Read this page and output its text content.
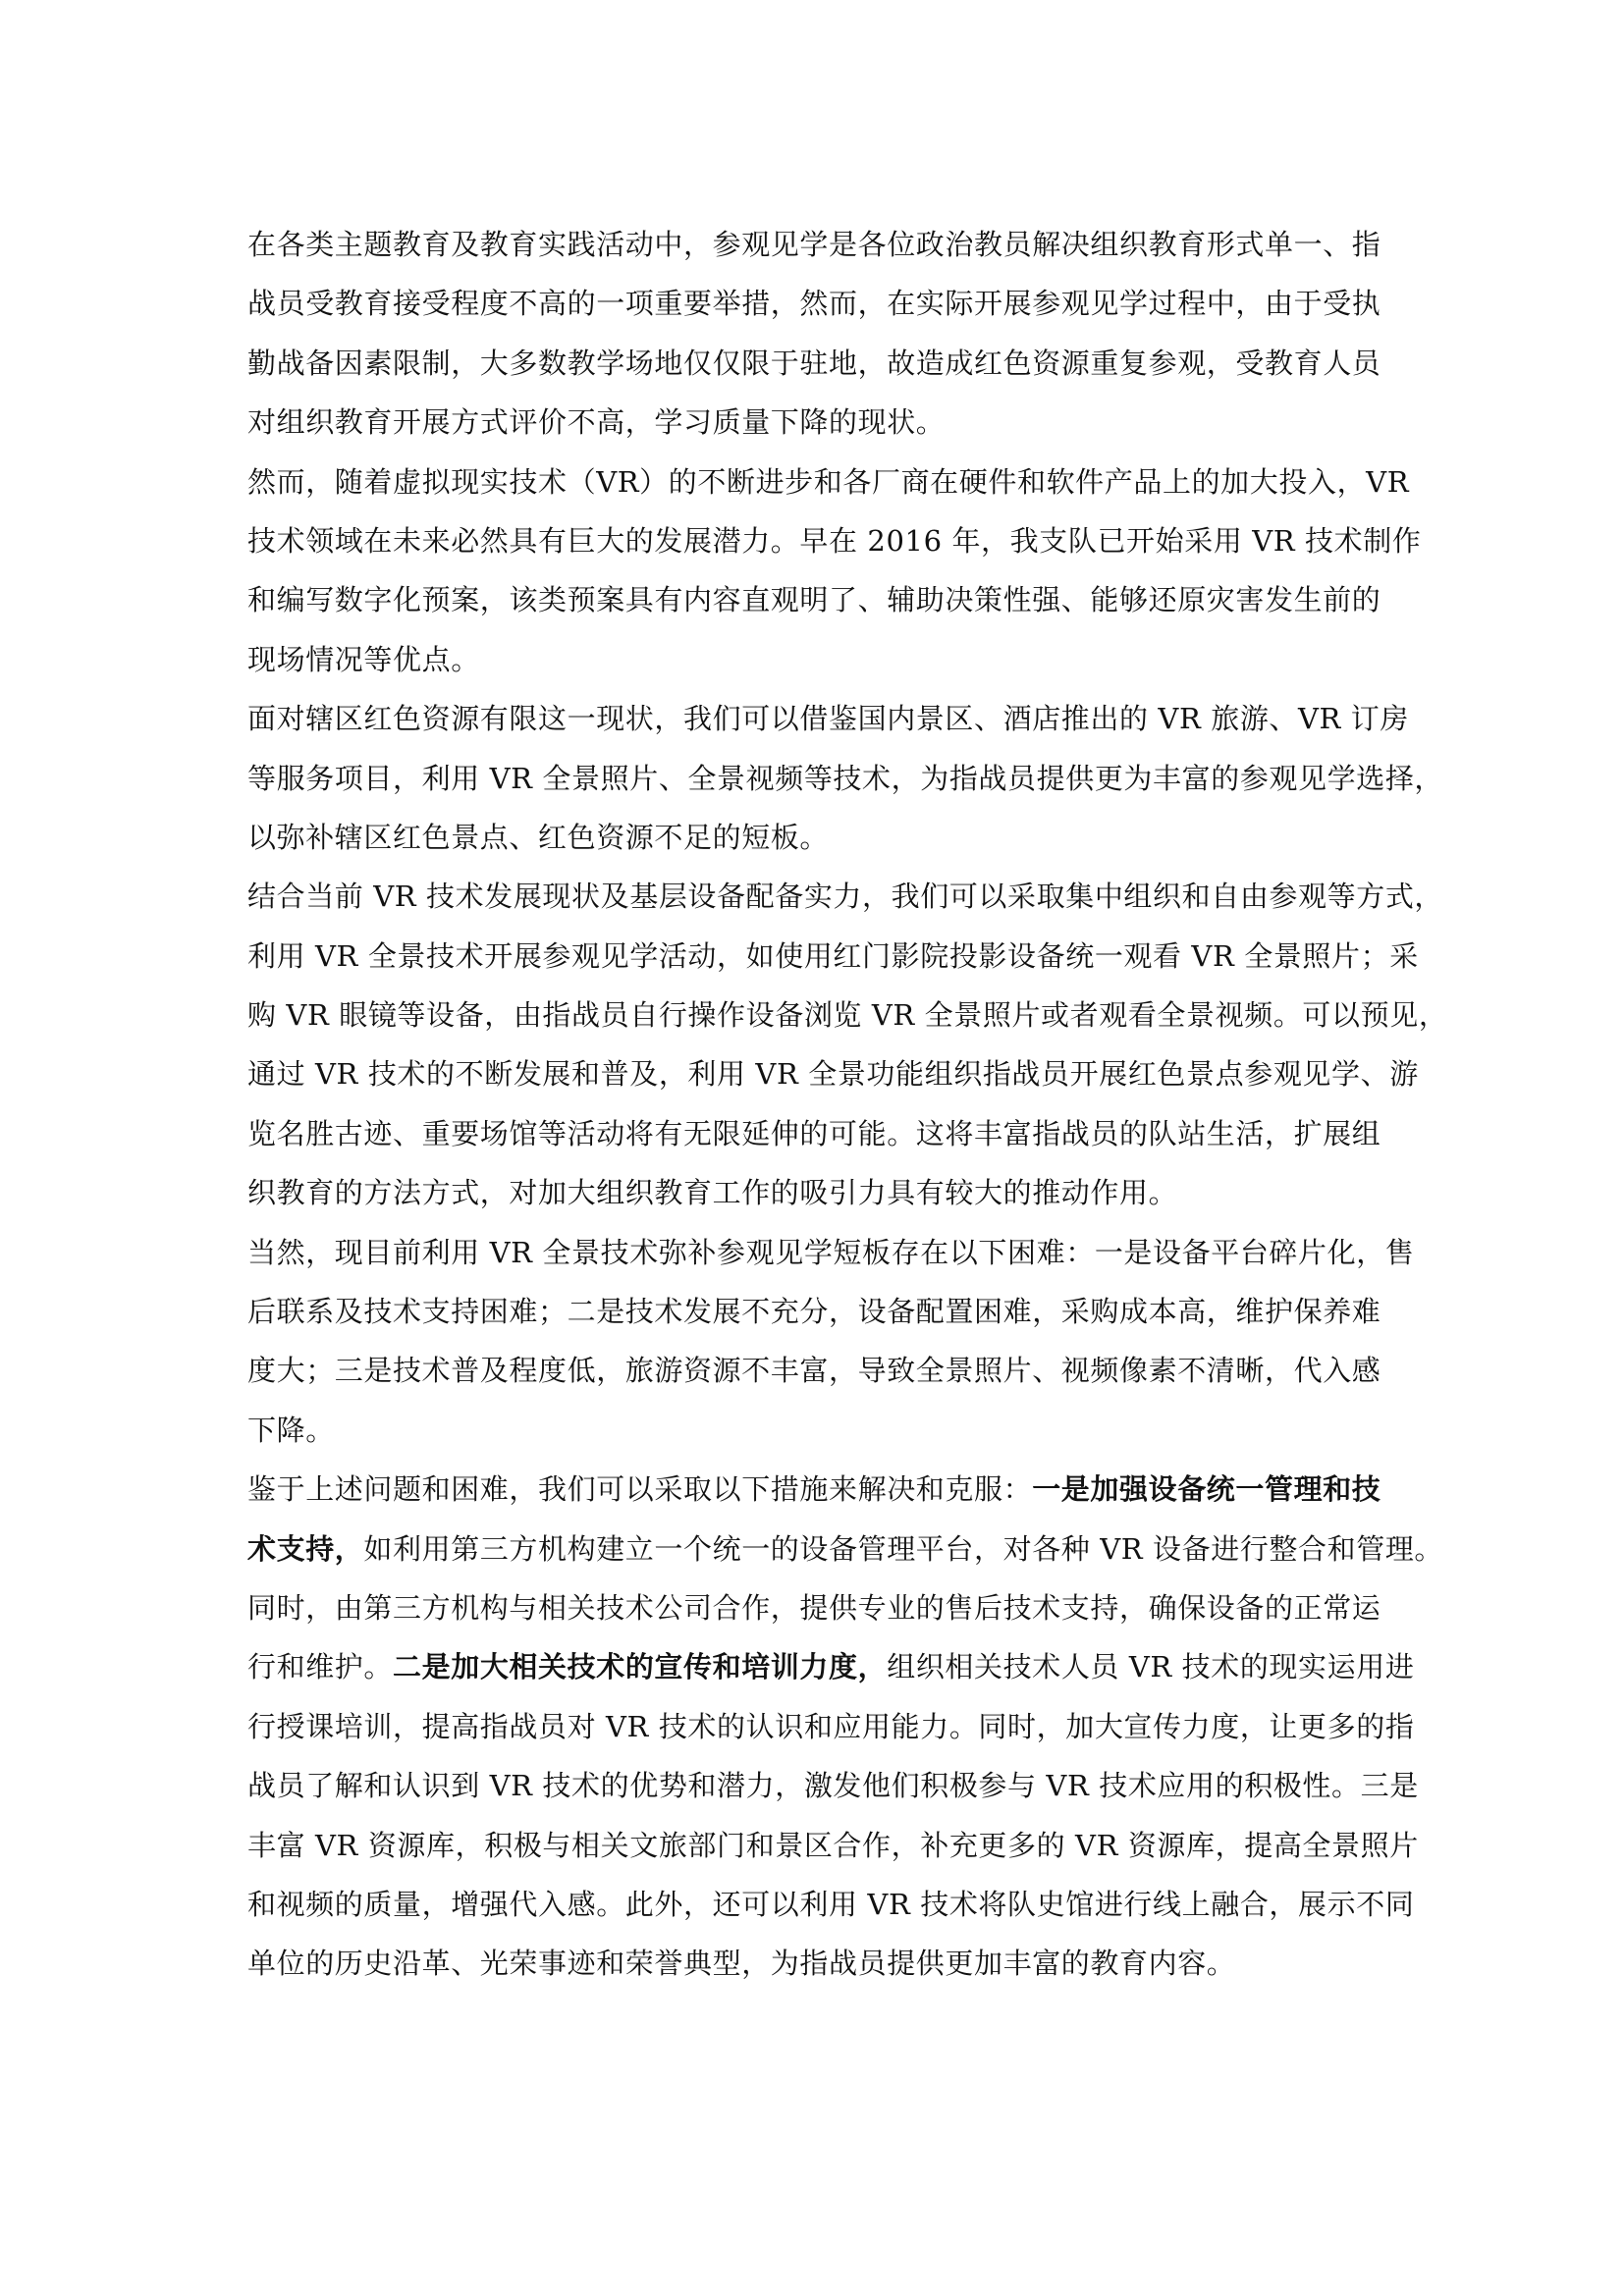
在各类主题教育及教育实践活动中，参观见学是各位政治教员解决组织教育形式单一、指
战员受教育接受程度不高的一项重要举措，然而，在实际开展参观见学过程中，由于受执
勤战备因素限制，大多数教学场地仅仅限于驻地，故造成红色资源重复参观，受教育人员
对组织教育开展方式评价不高，学习质量下降的现状。
然而，随着虚拟现实技术（VR）的不断进步和各厂商在硬件和软件产品上的加大投入，VR
技术领域在未来必然具有巨大的发展潜力。早在 2016 年，我支队已开始采用 VR 技术制作
和编写数字化预案，该类预案具有内容直观明了、辅助决策性强、能够还原灾害发生前的
现场情况等优点。
面对辖区红色资源有限这一现状，我们可以借鉴国内景区、酒店推出的 VR 旅游、VR 订房
等服务项目，利用 VR 全景照片、全景视频等技术，为指战员提供更为丰富的参观见学选择，
以弥补辖区红色景点、红色资源不足的短板。
结合当前 VR 技术发展现状及基层设备配备实力，我们可以采取集中组织和自由参观等方式，
利用 VR 全景技术开展参观见学活动，如使用红门影院投影设备统一观看 VR 全景照片；采
购 VR 眼镜等设备，由指战员自行操作设备浏览 VR 全景照片或者观看全景视频。可以预见，
通过 VR 技术的不断发展和普及，利用 VR 全景功能组织指战员开展红色景点参观见学、游
览名胜古迹、重要场馆等活动将有无限延伸的可能。这将丰富指战员的队站生活，扩展组
织教育的方法方式，对加大组织教育工作的吸引力具有较大的推动作用。
当然，现目前利用 VR 全景技术弥补参观见学短板存在以下困难：一是设备平台碎片化，售
后联系及技术支持困难；二是技术发展不充分，设备配置困难，采购成本高，维护保养难
度大；三是技术普及程度低，旅游资源不丰富，导致全景照片、视频像素不清晰，代入感
下降。
鉴于上述问题和困难，我们可以采取以下措施来解决和克服：一是加强设备统一管理和技
术支持，如利用第三方机构建立一个统一的设备管理平台，对各种 VR 设备进行整合和管理。
同时，由第三方机构与相关技术公司合作，提供专业的售后技术支持，确保设备的正常运
行和维护。二是加大相关技术的宣传和培训力度，组织相关技术人员 VR 技术的现实运用进
行授课培训，提高指战员对 VR 技术的认识和应用能力。同时，加大宣传力度，让更多的指
战员了解和认识到 VR 技术的优势和潜力，激发他们积极参与 VR 技术应用的积极性。三是
丰富 VR 资源库，积极与相关文旅部门和景区合作，补充更多的 VR 资源库，提高全景照片
和视频的质量，增强代入感。此外，还可以利用 VR 技术将队史馆进行线上融合，展示不同
单位的历史沿革、光荣事迹和荣誉典型，为指战员提供更加丰富的教育内容。
